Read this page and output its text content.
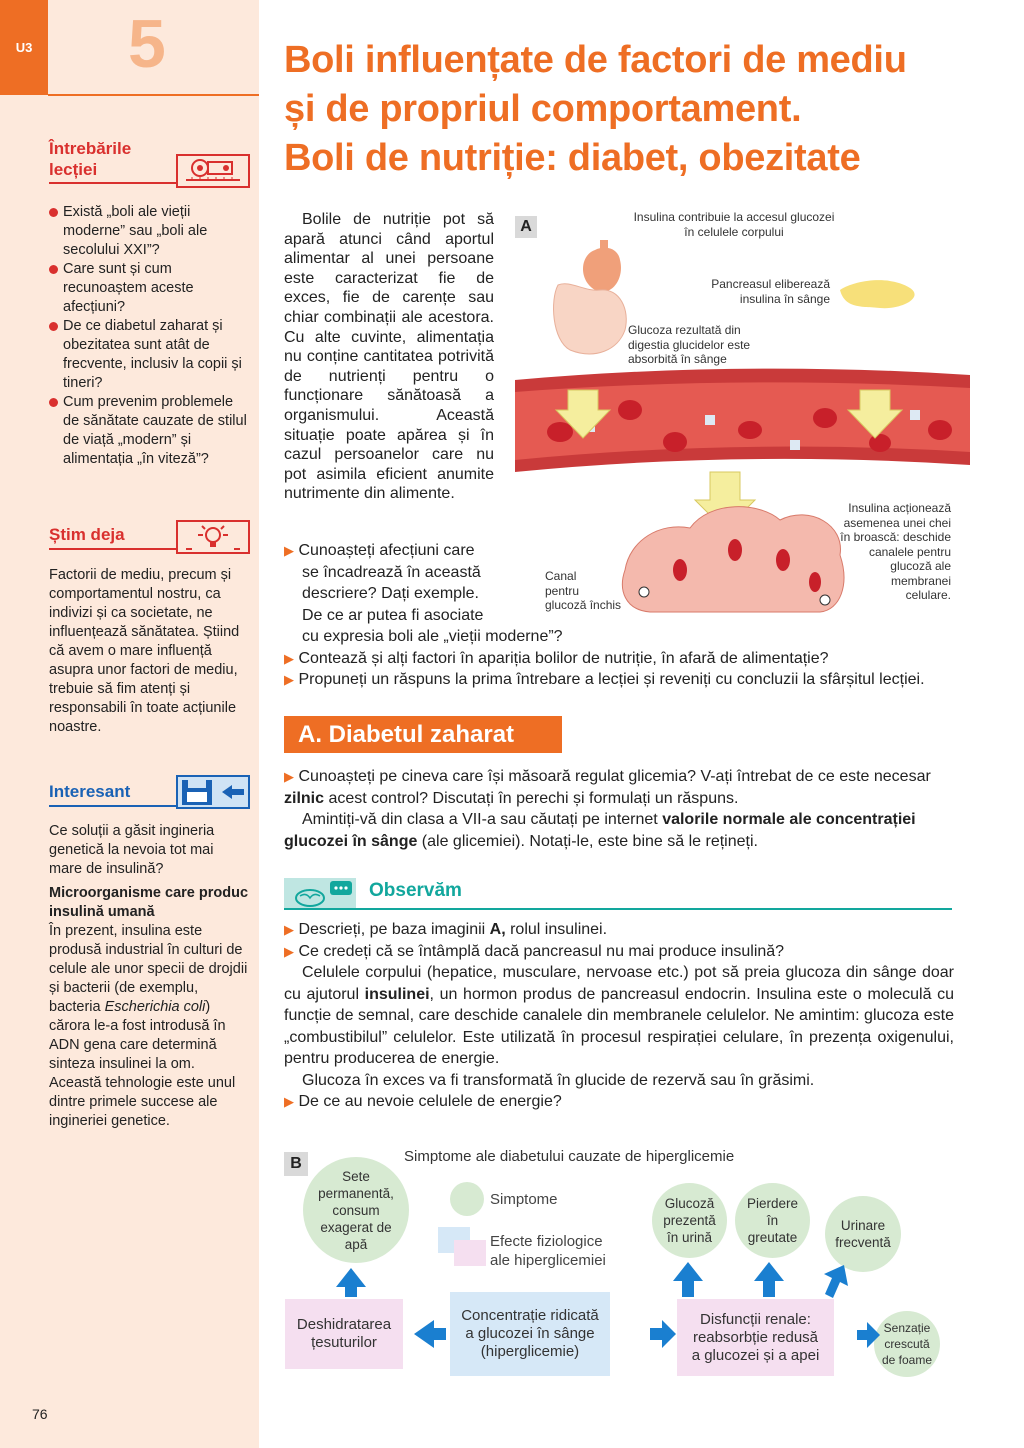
U3 5
Întrebările
lecției
Există „boli ale vieții moderne” sau „boli ale secolului XXI”?
Care sunt și cum recunoaștem aceste afecțiuni?
De ce diabetul zaharat și obezitatea sunt atât de frecvente, inclusiv la copii și tineri?
Cum prevenim problemele de sănătate cauzate de stilul de viață „modern” și alimentația „în viteză”?
Știm deja
Factorii de mediu, precum și comportamentul nostru, ca indivizi și ca societate, ne influențează sănătatea. Știind că avem o mare influență asupra unor factori de mediu, trebuie să fim atenți și responsabili în toate acțiunile noastre.
Interesant
Ce soluții a găsit ingineria genetică la nevoia tot mai mare de insulină?
Microorganisme care produc insulină umană
În prezent, insulina este produsă industrial în culturi de celule ale unor specii de drojdii și bacterii (de exemplu, bacteria Escherichia coli) cărora le-a fost introdusă în ADN gena care determină sinteza insulinei la om.
Această tehnologie este unul dintre primele succese ale ingineriei genetice.
76
Boli influențate de factori de mediu
și de propriul comportament.
Boli de nutriție: diabet, obezitate
Bolile de nutriție pot să apară atunci când aportul alimentar al unei persoane este caracterizat fie de exces, fie de carențe sau chiar combinații ale acestora. Cu alte cuvinte, alimentația nu conține cantitatea potrivită de nutrienți pentru o funcționare sănătoasă a organismului. Această situație poate apărea și în cazul persoanelor care nu pot asimila eficient anumite nutrimente din alimente.
▶ Cunoașteți afecțiuni care
se încadrează în această
descriere? Dați exemple.
De ce ar putea fi asociate
cu expresia boli ale „vieții moderne”?
▶ Contează și alți factori în apariția bolilor de nutriție, în afară de alimentație?
▶ Propuneți un răspuns la prima întrebare a lecției și reveniți cu concluzii la sfârșitul lecției.
A
Insulina contribuie la accesul glucozei
în celulele corpului
Pancreasul eliberează
insulina în sânge
Glucoza rezultată din
digestia glucidelor este
absorbită în sânge
Canal
pentru
glucoză închis
Insulina acționează
asemenea unei chei
în broască: deschide
canalele pentru
glucoză ale
membranei
celulare.
A. Diabetul zaharat
▶ Cunoașteți pe cineva care își măsoară regulat glicemia? V-ați întrebat de ce este necesar
zilnic acest control? Discutați în perechi și formulați un răspuns.
Amintiți-vă din clasa a VII-a sau căutați pe internet valorile normale ale concentrației
glucozei în sânge (ale glicemiei). Notați-le, este bine să le rețineți.
Observăm
▶ Descrieți, pe baza imaginii A, rolul insulinei.
▶ Ce credeți că se întâmplă dacă pancreasul nu mai produce insulină?
Celulele corpului (hepatice, musculare, nervoase etc.) pot să preia glucoza din sânge doar cu ajutorul insulinei, un hormon produs de pancreasul endocrin. Insulina este o moleculă cu funcție de semnal, care deschide canalele din membranele celulelor. Ne amintim: glucoza este „combustibilul” celulelor. Este utilizată în procesul respirației celulare, în prezența oxigenului, pentru producerea de energie.
Glucoza în exces va fi transformată în glucide de rezervă sau în grăsimi.
▶ De ce au nevoie celulele de energie?
B	Simptome ale diabetului cauzate de hiperglicemie
Simptome
Efecte fiziologice
ale hiperglicemiei
Sete
permanentă,
consum
exagerat de
apă
Glucoză
prezentă
în urină
Pierdere
în
greutate
Urinare
frecventă
Senzație
crescută
de foame
Deshidratarea
țesuturilor
Concentrație ridicată
a glucozei în sânge
(hiperglicemie)
Disfuncții renale:
reabsorbție redusă
a glucozei și a apei
